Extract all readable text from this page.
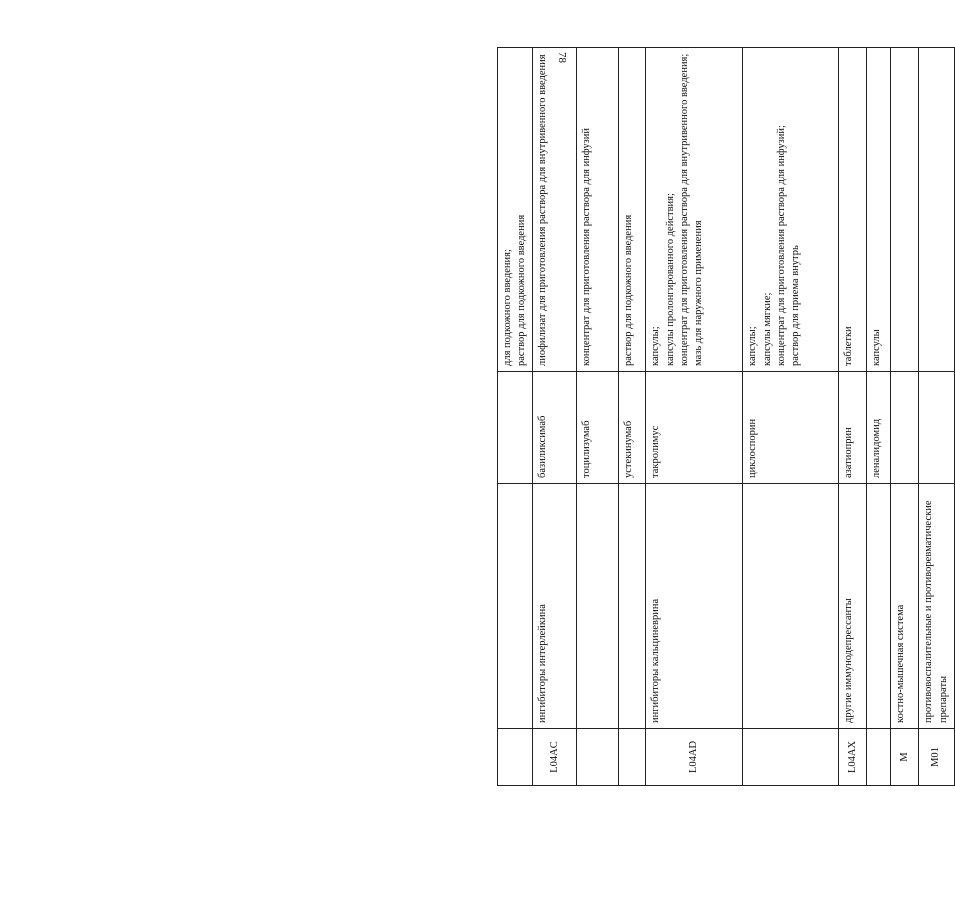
78

			для подкожного введения; раствор для подкожного введения

L04AC	ингибиторы интерлейкина	базиликсимаб	лиофилизат для приготовления раствора для внутривенного введения

		тоцилизумаб	концентрат для приготовления раствора для инфузий

		устекинумаб	раствор для подкожного введения

L04AD	ингибиторы кальциневрина	такролимус	капсулы; капсулы пролонгированного действия; концентрат для приготовления раствора для внутривенного введения; мазь для наружного применения

		циклоспорин	капсулы; капсулы мягкие; концентрат для приготовления раствора для инфузий; раствор для приема внутрь

L04AX	другие иммунодепрессанты	азатиоприн	таблетки

		леналидомид	капсулы

M	костно-мышечная система		
M01	противовоспалительные и противоревматические препараты		
